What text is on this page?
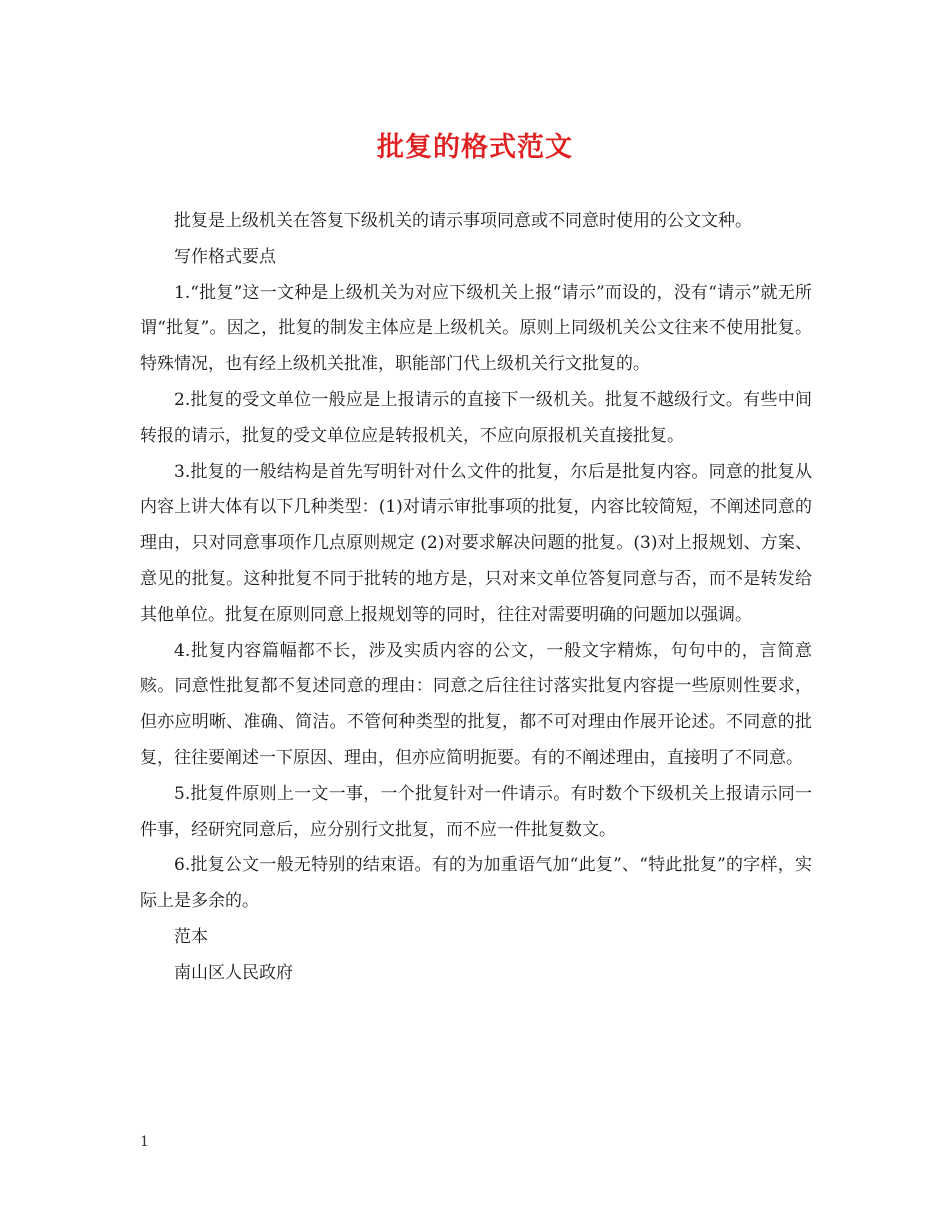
批复的格式范文

批复是上级机关在答复下级机关的请示事项同意或不同意时使用的公文文种。

写作格式要点

1.“批复”这一文种是上级机关为对应下级机关上报“请示”而设的，没有“请示”就无所谓“批复”。因之，批复的制发主体应是上级机关。原则上同级机关公文往来不使用批复。特殊情况，也有经上级机关批准，职能部门代上级机关行文批复的。

2.批复的受文单位一般应是上报请示的直接下一级机关。批复不越级行文。有些中间转报的请示，批复的受文单位应是转报机关，不应向原报机关直接批复。

3.批复的一般结构是首先写明针对什么文件的批复，尔后是批复内容。同意的批复从内容上讲大体有以下几种类型：(1)对请示审批事项的批复，内容比较简短，不阐述同意的理由，只对同意事项作几点原则规定 (2)对要求解决问题的批复。(3)对上报规划、方案、意见的批复。这种批复不同于批转的地方是，只对来文单位答复同意与否，而不是转发给其他单位。批复在原则同意上报规划等的同时，往往对需要明确的问题加以强调。

4.批复内容篇幅都不长，涉及实质内容的公文，一般文字精炼，句句中的，言简意赅。同意性批复都不复述同意的理由：同意之后往往讨落实批复内容提一些原则性要求，但亦应明晰、准确、简洁。不管何种类型的批复，都不可对理由作展开论述。不同意的批复，往往要阐述一下原因、理由，但亦应简明扼要。有的不阐述理由，直接明了不同意。

5.批复件原则上一文一事，一个批复针对一件请示。有时数个下级机关上报请示同一件事，经研究同意后，应分别行文批复，而不应一件批复数文。

6.批复公文一般无特别的结束语。有的为加重语气加“此复”、“特此批复”的字样，实际上是多余的。

范本

南山区人民政府

1
